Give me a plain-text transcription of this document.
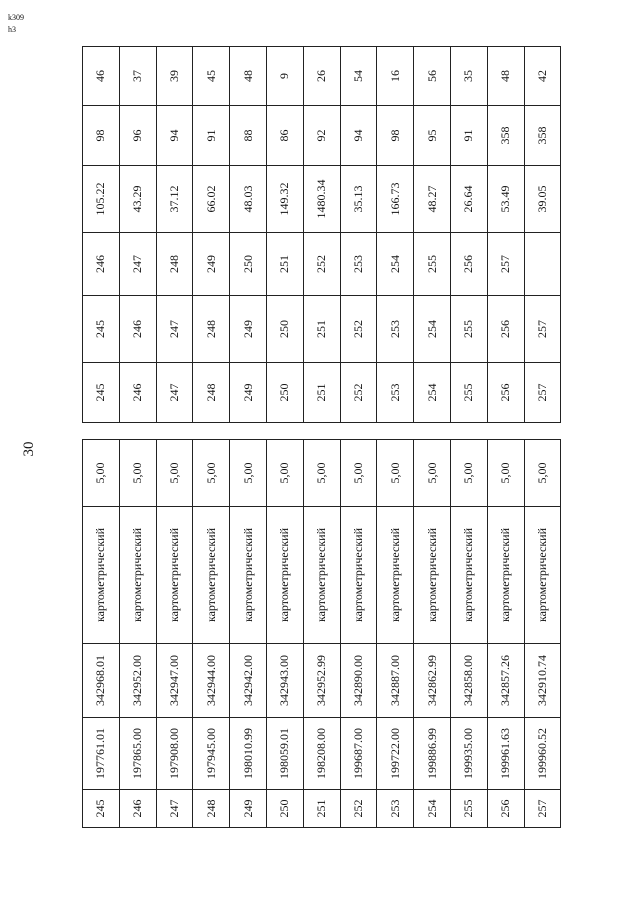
30
245	197761.01	342968.01	картометрический	5,00
246	197865.00	342952.00	картометрический	5,00
247	197908.00	342947.00	картометрический	5,00
248	197945.00	342944.00	картометрический	5,00
249	198010.99	342942.00	картометрический	5,00
250	198059.01	342943.00	картометрический	5,00
251	198208.00	342952.99	картометрический	5,00
252	199687.00	342890.00	картометрический	5,00
253	199722.00	342887.00	картометрический	5,00
254	199886.99	342862.99	картометрический	5,00
255	199935.00	342858.00	картометрический	5,00
256	199961.63	342857.26	картометрический	5,00
257	199960.52	342910.74	картометрический	5,00
245	245	246	105.22	98	46
246	246	247	43.29	96	37
247	247	248	37.12	94	39
248	248	249	66.02	91	45
249	249	250	48.03	88	48
250	250	251	149.32	86	9
251	251	252	1480.34	92	26
252	252	253	35.13	94	54
253	253	254	166.73	98	16
254	254	255	48.27	95	56
255	255	256	26.64	91	35
256	256	257	53.49	358	48
257	257		39.05	358	42
k309 h3
